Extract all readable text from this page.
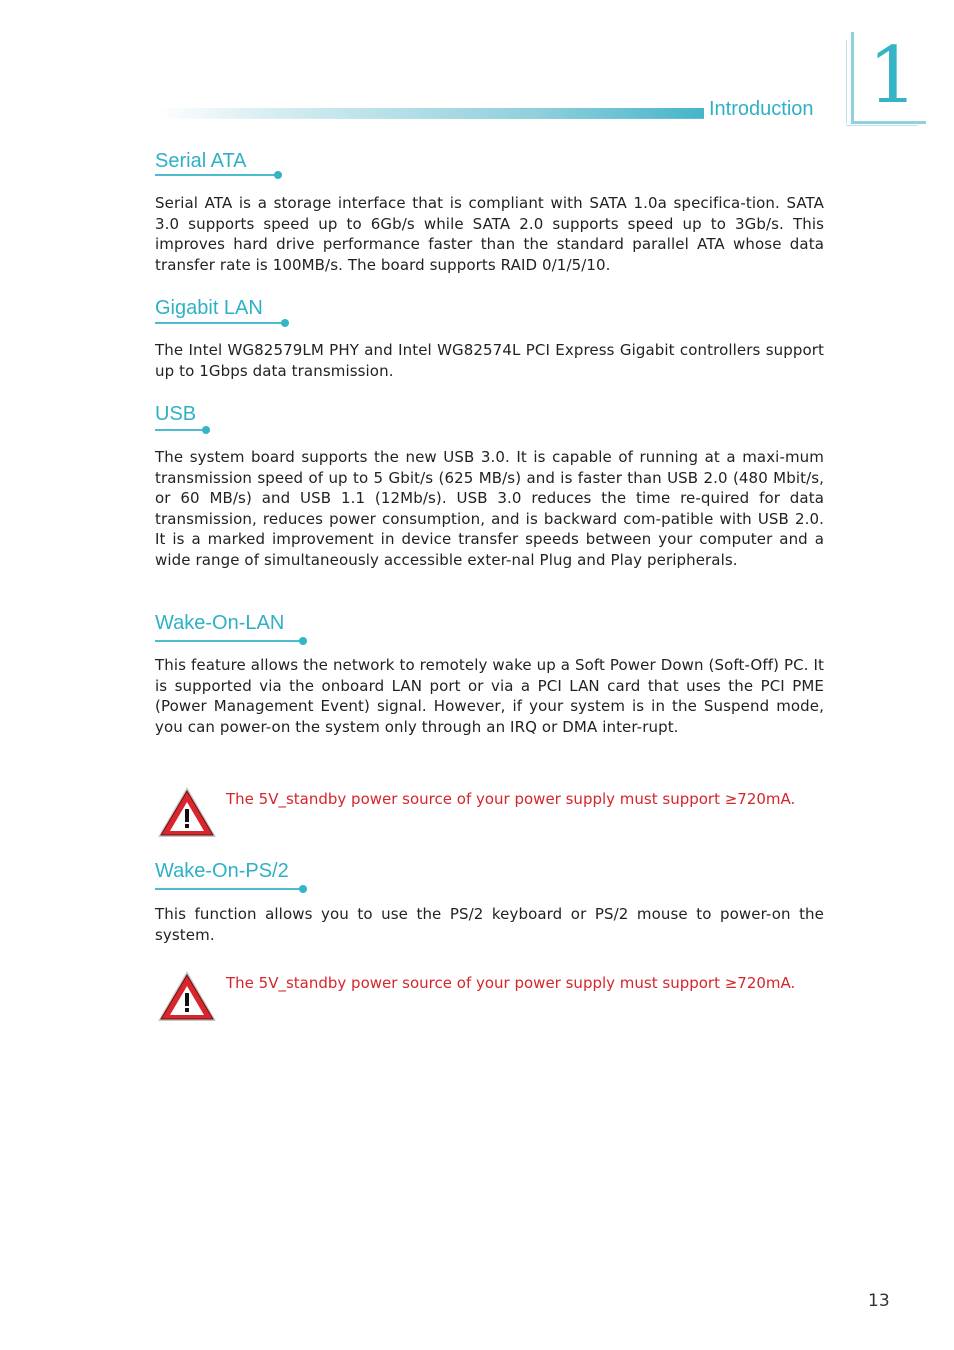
Introduction 1
Serial ATA
Serial ATA is a storage interface that is compliant with SATA 1.0a specifica-tion. SATA 3.0 supports speed up to 6Gb/s while SATA 2.0 supports speed up to 3Gb/s. This improves hard drive performance faster than the standard parallel ATA whose data transfer rate is 100MB/s. The board supports RAID 0/1/5/10.
Gigabit LAN
The Intel WG82579LM PHY and Intel WG82574L PCI Express Gigabit controllers support up to 1Gbps data transmission.
USB
The system board supports the new USB 3.0. It is capable of running at a maxi-mum transmission speed of up to 5 Gbit/s (625 MB/s) and is faster than USB 2.0 (480 Mbit/s, or 60 MB/s) and USB 1.1 (12Mb/s). USB 3.0 reduces the time re-quired for data transmission, reduces power consumption, and is backward com-patible with USB 2.0. It is a marked improvement in device transfer speeds between your computer and a wide range of simultaneously accessible exter-nal Plug and Play peripherals.
Wake-On-LAN
This feature allows the network to remotely wake up a Soft Power Down (Soft-Off) PC. It is supported via the onboard LAN port or via a PCI LAN card that uses the PCI PME (Power Management Event) signal. However, if your system is in the Suspend mode, you can power-on the system only through an IRQ or DMA inter-rupt.
The 5V_standby power source of your power supply must support ≥720mA.
Wake-On-PS/2
This function allows you to use the PS/2 keyboard or PS/2 mouse to power-on the system.
The 5V_standby power source of your power supply must support ≥720mA.
13
